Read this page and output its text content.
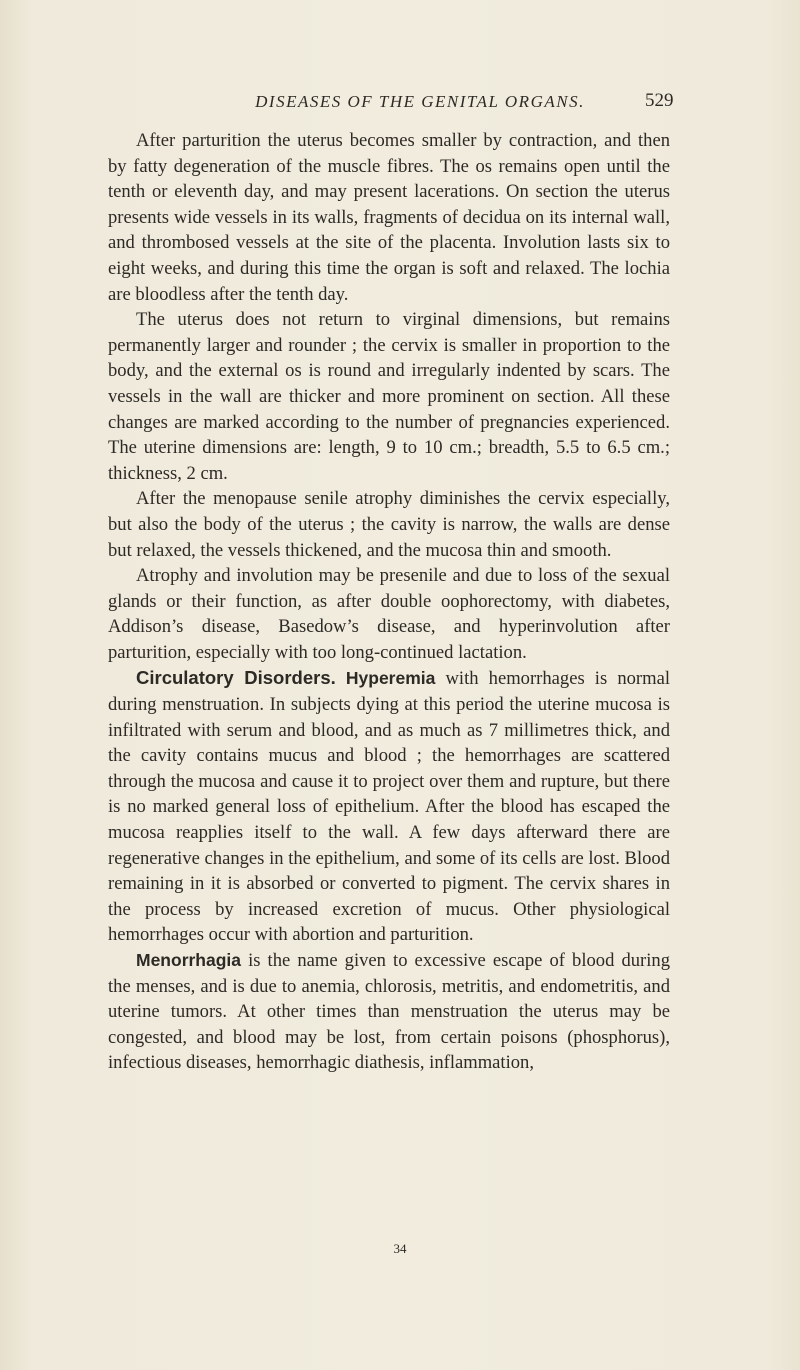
DISEASES OF THE GENITAL ORGANS.	529

After parturition the uterus becomes smaller by contraction, and then by fatty degeneration of the muscle fibres. The os remains open until the tenth or eleventh day, and may present lacerations. On section the uterus presents wide vessels in its walls, fragments of decidua on its internal wall, and thrombosed vessels at the site of the placenta. Involution lasts six to eight weeks, and during this time the organ is soft and relaxed. The lochia are bloodless after the tenth day.

The uterus does not return to virginal dimensions, but remains permanently larger and rounder ; the cervix is smaller in proportion to the body, and the external os is round and irregularly indented by scars. The vessels in the wall are thicker and more prominent on section. All these changes are marked according to the number of pregnancies experienced. The uterine dimensions are: length, 9 to 10 cm.; breadth, 5.5 to 6.5 cm.; thickness, 2 cm.

After the menopause senile atrophy diminishes the cervix especially, but also the body of the uterus ; the cavity is narrow, the walls are dense but relaxed, the vessels thickened, and the mucosa thin and smooth.

Atrophy and involution may be presenile and due to loss of the sexual glands or their function, as after double oophorectomy, with diabetes, Addison’s disease, Basedow’s disease, and hyperinvolution after parturition, especially with too long-continued lactation.

Circulatory Disorders. Hyperemia with hemorrhages is normal during menstruation. In subjects dying at this period the uterine mucosa is infiltrated with serum and blood, and as much as 7 millimetres thick, and the cavity contains mucus and blood ; the hemorrhages are scattered through the mucosa and cause it to project over them and rupture, but there is no marked general loss of epithelium. After the blood has escaped the mucosa reapplies itself to the wall. A few days afterward there are regenerative changes in the epithelium, and some of its cells are lost. Blood remaining in it is absorbed or converted to pigment. The cervix shares in the process by increased excretion of mucus. Other physiological hemorrhages occur with abortion and parturition.

Menorrhagia is the name given to excessive escape of blood during the menses, and is due to anemia, chlorosis, metritis, and endometritis, and uterine tumors. At other times than menstruation the uterus may be congested, and blood may be lost, from certain poisons (phosphorus), infectious diseases, hemorrhagic diathesis, inflammation,

34
